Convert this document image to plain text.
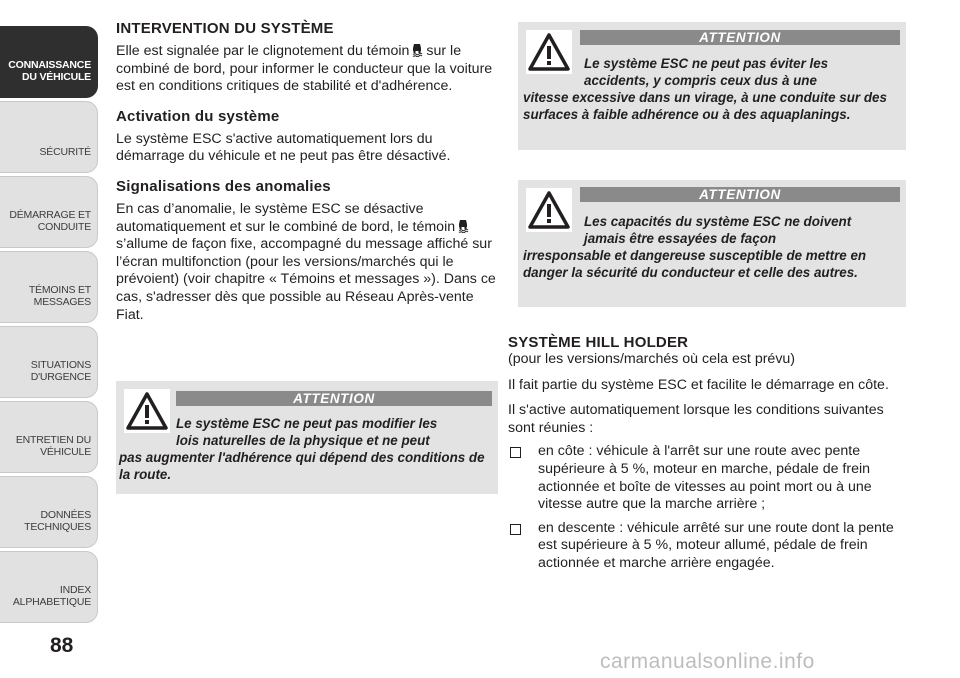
CONNAISSANCE
DU VÉHICULE
SÉCURITÉ
DÉMARRAGE ET
CONDUITE
TÉMOINS ET
MESSAGES
SITUATIONS
D'URGENCE
ENTRETIEN DU
VÉHICULE
DONNÉES
TECHNIQUES
INDEX
ALPHABETIQUE
88
INTERVENTION DU SYSTÈME

Elle est signalée par le clignotement du témoin sur le combiné de bord, pour informer le conducteur que la voiture est en conditions critiques de stabilité et d'adhérence.

Activation du système

Le système ESC s'active automatiquement lors du démarrage du véhicule et ne peut pas être désactivé.

Signalisations des anomalies

En cas d’anomalie, le système ESC se désactive automatiquement et sur le combiné de bord, le témoins’allume de façon fixe, accompagné du message affiché sur l’écran multifonction (pour les versions/marchés qui le prévoient) (voir chapitre « Témoins et messages »). Dans ce cas, s'adresser dès que possible au Réseau Après-vente Fiat.

ATTENTION
Le système ESC ne peut pas modifier les
lois naturelles de la physique et ne peut
pas augmenter l'adhérence qui dépend des conditions de la route.
ATTENTION
Le système ESC ne peut pas éviter les
accidents, y compris ceux dus à une
vitesse excessive dans un virage, à une conduite sur des surfaces à faible adhérence ou à des aquaplanings.
ATTENTION
Les capacités du système ESC ne doivent
jamais être essayées de façon
irresponsable et dangereuse susceptible de mettre en danger la sécurité du conducteur et celle des autres.
SYSTÈME HILL HOLDER

(pour les versions/marchés où cela est prévu)

Il fait partie du système ESC et facilite le démarrage en côte.

Il s'active automatiquement lorsque les conditions suivantes sont réunies :

en côte : véhicule à l'arrêt sur une route avec pente supérieure à 5 %, moteur en marche, pédale de frein actionnée et boîte de vitesses au point mort ou à une vitesse autre que la marche arrière ;
en descente : véhicule arrêté sur une route dont la pente est supérieure à 5 %, moteur allumé, pédale de frein actionnée et marche arrière engagée.
carmanualsonline.info
